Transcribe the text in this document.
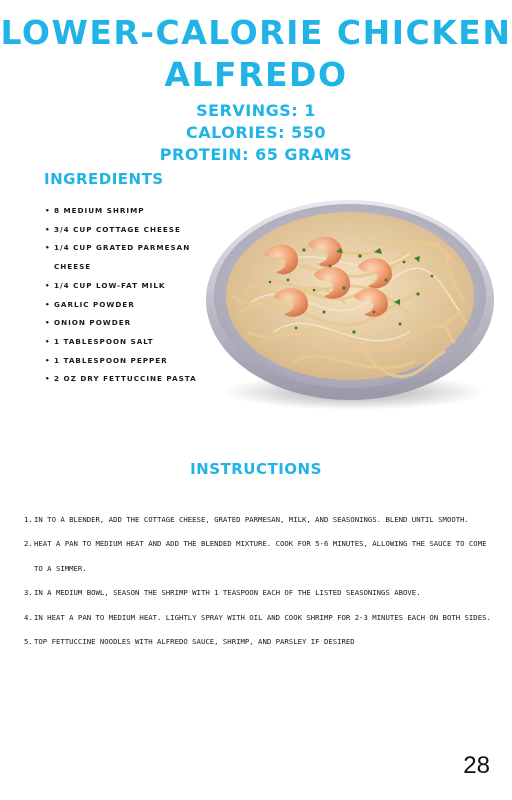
LOWER-CALORIE CHICKEN
ALFREDO
SERVINGS: 1
CALORIES: 550
PROTEIN: 65 GRAMS
INGREDIENTS
• 8 MEDIUM SHRIMP
• 3/4 CUP COTTAGE CHEESE
• 1/4 CUP GRATED PARMESAN CHEESE
• 1/4 CUP LOW-FAT MILK
• GARLIC POWDER
• ONION POWDER
• 1 TABLESPOON SALT
• 1 TABLESPOON PEPPER
• 2 OZ DRY FETTUCCINE PASTA
INSTRUCTIONS
1. IN TO A BLENDER, ADD THE COTTAGE CHEESE, GRATED PARMESAN, MILK, AND SEASONINGS. BLEND UNTIL SMOOTH.
2. HEAT A PAN TO MEDIUM HEAT AND ADD THE BLENDED MIXTURE. COOK FOR 5-6 MINUTES, ALLOWING THE SAUCE TO COME TO A SIMMER.
3. IN A MEDIUM BOWL, SEASON THE SHRIMP WITH 1 TEASPOON EACH OF THE LISTED SEASONINGS ABOVE.
4. IN HEAT A PAN TO MEDIUM HEAT. LIGHTLY SPRAY WITH OIL AND COOK SHRIMP FOR 2-3 MINUTES EACH ON BOTH SIDES.
5. TOP FETTUCCINE NOODLES WITH ALFREDO SAUCE, SHRIMP, AND PARSLEY IF DESIRED
28
